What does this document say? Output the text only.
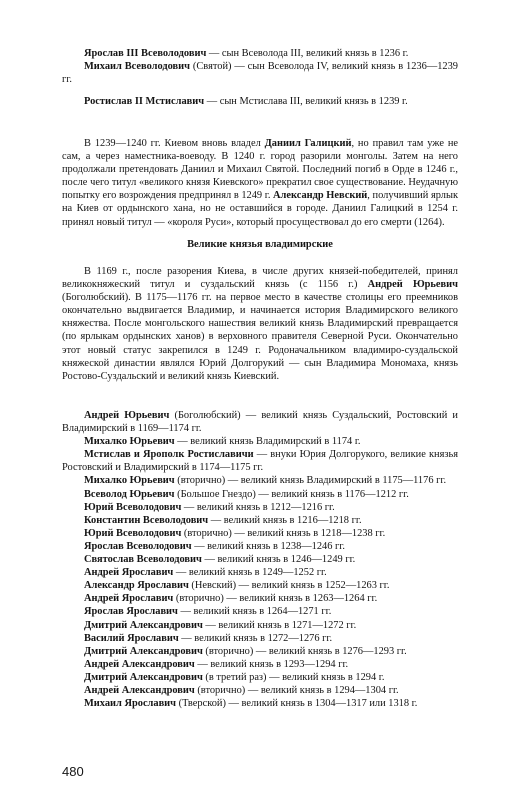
Ярослав III Всеволодович — сын Всеволода III, великий князь в 1236 г.

Михаил Всеволодович (Святой) — сын Всеволода IV, великий князь в 1236—1239 гг.

Ростислав II Мстиславич — сын Мстислава III, великий князь в 1239 г.

В 1239—1240 гг. Киевом вновь владел Даниил Галицкий, но правил там уже не сам, а через наместника-воеводу. В 1240 г. город разорили монголы. Затем на него продолжали претендовать Даниил и Михаил Святой. Последний погиб в Орде в 1246 г., после чего титул «великого князя Киевского» прекратил свое существование. Неудачную попытку его возрождения предпринял в 1249 г. Александр Невский, получивший ярлык на Киев от ордынского хана, но не оставшийся в городе. Даниил Галицкий в 1254 г. принял новый титул — «короля Руси», который просуществовал до его смерти (1264).

Великие князья владимирские

В 1169 г., после разорения Киева, в числе других князей-победителей, принял великокняжеский титул и суздальский князь (с 1156 г.) Андрей Юрьевич (Боголюбский). В 1175—1176 гг. на первое место в качестве столицы его преемников окончательно выдвигается Владимир, и начинается история Владимирского великого княжества. После монгольского нашествия великий князь Владимирский превращается (по ярлыкам ордынских ханов) в верховного правителя Северной Руси. Окончательно этот новый статус закрепился в 1249 г. Родоначальником владимиро-суздальской княжеской династии являлся Юрий Долгорукий — сын Владимира Мономаха, князь Ростово-Суздальский и великий князь Киевский.

Андрей Юрьевич (Боголюбский) — великий князь Суздальский, Ростовский и Владимирский в 1169—1174 гг.

Михалко Юрьевич — великий князь Владимирский в 1174 г.

Мстислав и Ярополк Ростиславичи — внуки Юрия Долгорукого, великие князья Ростовский и Владимирский в 1174—1175 гг.

Михалко Юрьевич (вторично) — великий князь Владимирский в 1175—1176 гг.

Всеволод Юрьевич (Большое Гнездо) — великий князь в 1176—1212 гг.

Юрий Всеволодович — великий князь в 1212—1216 гг.

Константин Всеволодович — великий князь в 1216—1218 гг.

Юрий Всеволодович (вторично) — великий князь в 1218—1238 гг.

Ярослав Всеволодович — великий князь в 1238—1246 гг.

Святослав Всеволодович — великий князь в 1246—1249 гг.

Андрей Ярославич — великий князь в 1249—1252 гг.

Александр Ярославич (Невский) — великий князь в 1252—1263 гг.

Андрей Ярославич (вторично) — великий князь в 1263—1264 гг.

Ярослав Ярославич — великий князь в 1264—1271 гг.

Дмитрий Александрович — великий князь в 1271—1272 гг.

Василий Ярославич — великий князь в 1272—1276 гг.

Дмитрий Александрович (вторично) — великий князь в 1276—1293 гг.

Андрей Александрович — великий князь в 1293—1294 гг.

Дмитрий Александрович (в третий раз) — великий князь в 1294 г.

Андрей Александрович (вторично) — великий князь в 1294—1304 гг.

Михаил Ярославич (Тверской) — великий князь в 1304—1317 или 1318 г.

480
